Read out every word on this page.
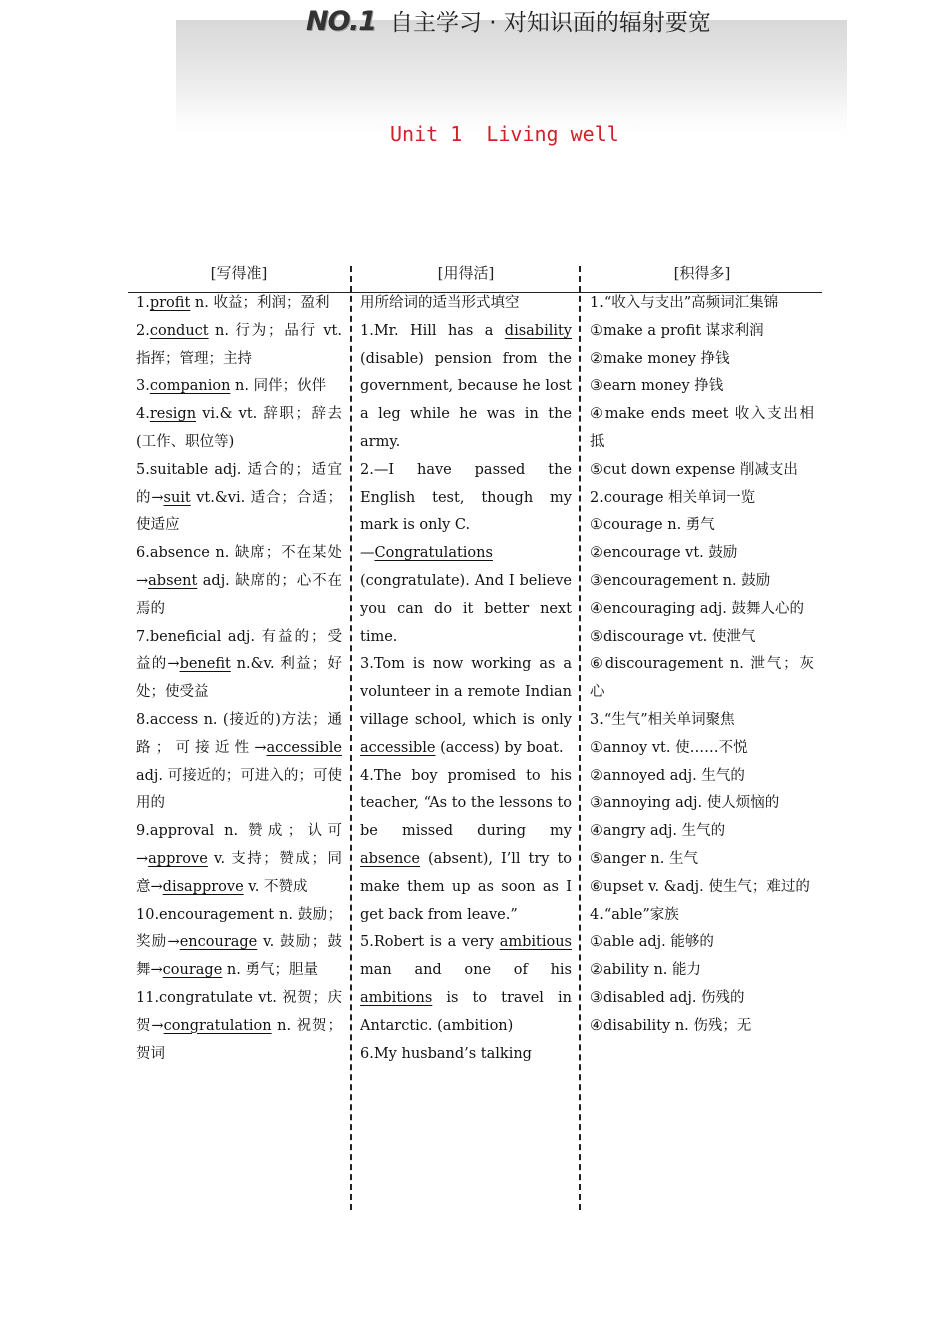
NO.1 自主学习 · 对知识面的辐射要宽
Unit 1  Living well
[写得准]	[用得活]	[积得多]

1.profit n. 收益；利润；盈利

2.conduct n. 行为；品行 vt. 指挥；管理；主持

3.companion n. 同伴；伙伴

4.resign vi.& vt. 辞职；辞去(工作、职位等)

5.suitable adj. 适合的；适宜的→suit vt.&vi. 适合；合适；使适应

6.absence n. 缺席；不在某处→absent adj. 缺席的；心不在焉的

7.beneficial adj. 有益的；受益的→benefit n.&v. 利益；好处；使受益

8.access n. (接近的)方法；通路；可接近性→accessible adj. 可接近的；可进入的；可使用的

9.approval n. 赞成；认可→approve v. 支持；赞成；同意→disapprove v. 不赞成

10.encouragement n. 鼓励；奖励→encourage v. 鼓励；鼓舞→courage n. 勇气；胆量

11.congratulate vt. 祝贺；庆贺→congratulation n. 祝贺；贺词

用所给词的适当形式填空

1.Mr. Hill has a disability (disable) pension from the government, because he lost a leg while he was in the army.

2.—I have passed the English test, though my mark is only C.

—Congratulations (congratulate). And I believe you can do it better next time.

3.Tom is now working as a volunteer in a remote Indian village school, which is only accessible (access) by boat.

4.The boy promised to his teacher, “As to the lessons to be missed during my absence (absent), I’ll try to make them up as soon as I get back from leave.”

5.Robert is a very ambitious man and one of his ambitions is to travel in Antarctic. (ambition)

6.My husband’s talking

1.“收入与支出”高频词汇集锦

①make a profit 谋求利润

②make money 挣钱

③earn money 挣钱

④make ends meet 收入支出相抵

⑤cut down expense 削减支出

2.courage 相关单词一览

①courage n. 勇气

②encourage vt. 鼓励

③encouragement n. 鼓励

④encouraging adj. 鼓舞人心的

⑤discourage vt. 使泄气

⑥discouragement n. 泄气；灰心

3.“生气”相关单词聚焦

①annoy vt. 使……不悦

②annoyed adj. 生气的

③annoying adj. 使人烦恼的

④angry adj. 生气的

⑤anger n. 生气

⑥upset v. &adj. 使生气；难过的

4.“able”家族

①able adj. 能够的

②ability n. 能力

③disabled adj. 伤残的

④disability n. 伤残；无
